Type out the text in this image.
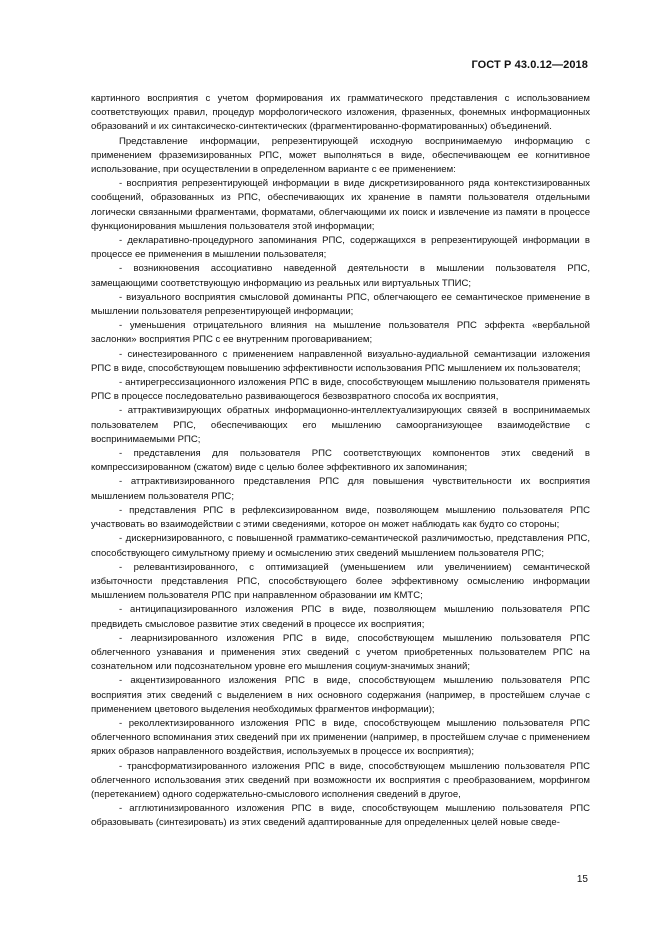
ГОСТ Р 43.0.12—2018

картинного восприятия с учетом формирования их грамматического представления с использованием соответствующих правил, процедур морфологического изложения, фразенных, фонемных информационных образований и их синтаксическо-синтектических (фрагментированно-форматированных) объединений.

Представление информации, репрезентирующей исходную воспринимаемую информацию с применением фраземизированных РПС, может выполняться в виде, обеспечивающем ее когнитивное использование, при осуществлении в определенном варианте с ее применением:

- восприятия репрезентирующей информации в виде дискретизированного ряда контекстизированных сообщений, образованных из РПС, обеспечивающих их хранение в памяти пользователя отдельными логически связанными фрагментами, форматами, облегчающими их поиск и извлечение из памяти в процессе функционирования мышления пользователя этой информации;

- декларативно-процедурного запоминания РПС, содержащихся в репрезентирующей информации в процессе ее применения в мышлении пользователя;

- возникновения ассоциативно наведенной деятельности в мышлении пользователя РПС, замещающими соответствующую информацию из реальных или виртуальных ТПИС;

- визуального восприятия смысловой доминанты РПС, облегчающего ее семантическое применение в мышлении пользователя репрезентирующей информации;

- уменьшения отрицательного влияния на мышление пользователя РПС эффекта «вербальной заслонки» восприятия РПС с ее внутренним проговариванием;

- синестезированного с применением направленной визуально-аудиальной семантизации изложения РПС в виде, способствующем повышению эффективности использования РПС мышлением их пользователя;

- антирегрессизационного изложения РПС в виде, способствующем мышлению пользователя применять РПС в процессе последовательно развивающегося безвозвратного способа их восприятия,

- аттрактивизирующих обратных информационно-интеллектуализирующих связей в воспринимаемых пользователем РПС, обеспечивающих его мышлению самоорганизующее взаимодействие с воспринимаемыми РПС;

- представления для пользователя РПС соответствующих компонентов этих сведений в компрессизированном (сжатом) виде с целью более эффективного их запоминания;

- аттрактивизированного представления РПС для повышения чувствительности их восприятия мышлением пользователя РПС;

- представления РПС в рефлексизированном виде, позволяющем мышлению пользователя РПС участвовать во взаимодействии с этими сведениями, которое он может наблюдать как будто со стороны;

- дискернизированного, с повышенной грамматико-семантической различимостью, представления РПС, способствующего симультному приему и осмыслению этих сведений мышлением пользователя РПС;

- релевантизированного, с оптимизацией (уменьшением или увеличениием) семантической избыточности представления РПС, способствующего более эффективному осмыслению информации мышлением пользователя РПС при направленном образовании им КМТС;

- антиципацизированного изложения РПС в виде, позволяющем мышлению пользователя РПС предвидеть смысловое развитие этих сведений в процессе их восприятия;

- леарнизированного изложения РПС в виде, способствующем мышлению пользователя РПС облегченного узнавания и применения этих сведений с учетом приобретенных пользователем РПС на сознательном или подсознательном уровне его мышления социум-значимых знаний;

- акцентизированного изложения РПС в виде, способствующем мышлению пользователя РПС восприятия этих сведений с выделением в них основного содержания (например, в простейшем случае с применением цветового выделения необходимых фрагментов информации);

- реколлектизированного изложения РПС в виде, способствующем мышлению пользователя РПС облегченного вспоминания этих сведений при их применении (например, в простейшем случае с применением ярких образов направленного воздействия, используемых в процессе их восприятия);

- трансформатизированного изложения РПС в виде, способствующем мышлению пользователя РПС облегченного использования этих сведений при возможности их восприятия с преобразованием, морфингом (перетеканием) одного содержательно-смыслового исполнения сведений в другое,

- агглютинизированного изложения РПС в виде, способствующем мышлению пользователя РПС образовывать (синтезировать) из этих сведений адаптированные для определенных целей новые сведе-

15
